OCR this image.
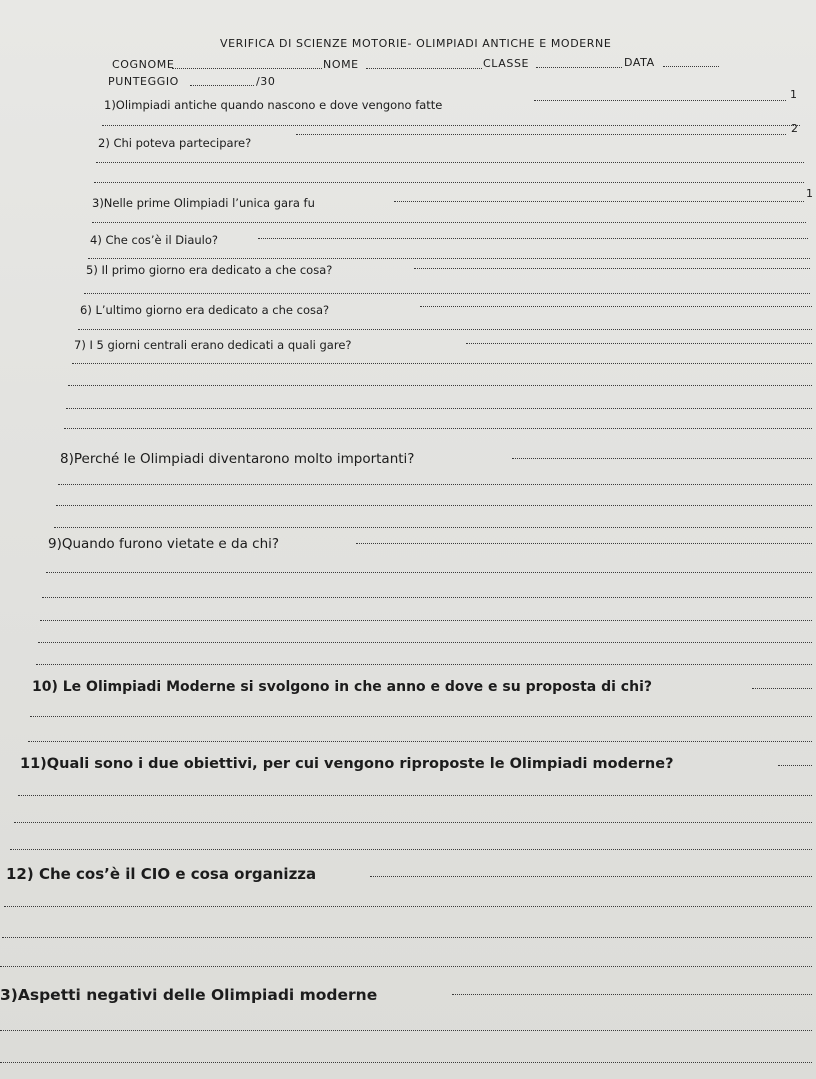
VERIFICA DI SCIENZE MOTORIE- OLIMPIADI ANTICHE E MODERNE
COGNOME	NOME	CLASSE	DATA
PUNTEGGIO	/30
1)Olimpiadi antiche quando nascono e dove vengono fatte
1
2) Chi poteva partecipare?
2
3)Nelle prime Olimpiadi l’unica gara fu
1
4) Che cos’è il Diaulo?
5) Il primo giorno era dedicato a che cosa?
6) L’ultimo giorno era dedicato a che cosa?
7) I 5 giorni centrali erano dedicati a quali gare?
8)Perché le Olimpiadi diventarono molto importanti?
9)Quando furono vietate e da chi?
10) Le Olimpiadi Moderne si svolgono in che anno e dove e su proposta di chi?
11)Quali sono i due obiettivi, per cui vengono riproposte le Olimpiadi moderne?
12) Che cos’è il CIO e cosa organizza
3)Aspetti negativi delle Olimpiadi moderne
